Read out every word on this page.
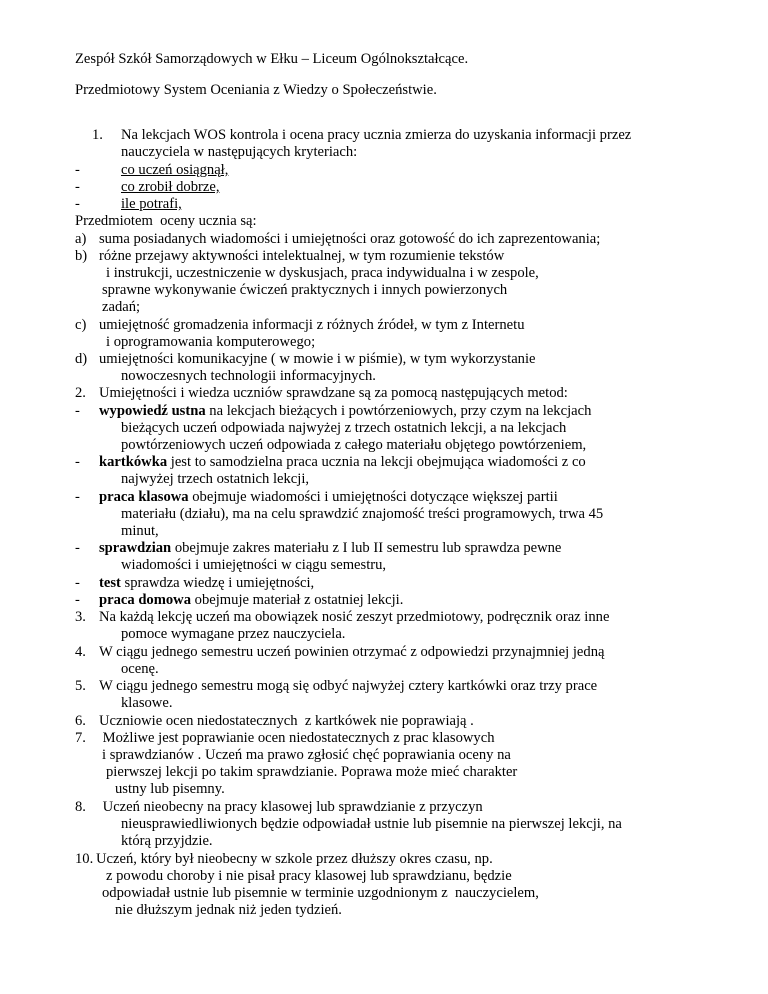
Zespół Szkół Samorządowych w Ełku – Liceum Ogólnokształcące.
Przedmiotowy System Oceniania z Wiedzy o Społeczeństwie.
1. Na lekcjach WOS kontrola i ocena pracy ucznia zmierza do uzyskania informacji przez
nauczyciela w następujących kryteriach:
-	co uczeń osiągnął,
-	co zrobił dobrze,
-	ile potrafi,
Przedmiotem  oceny ucznia są:
a) suma posiadanych wiadomości i umiejętności oraz gotowość do ich zaprezentowania;
b) różne przejawy aktywności intelektualnej, w tym rozumienie tekstów
i instrukcji, uczestniczenie w dyskusjach, praca indywidualna i w zespole,
sprawne wykonywanie ćwiczeń praktycznych i innych powierzonych
zadań;
c) umiejętność gromadzenia informacji z różnych źródeł, w tym z Internetu
i oprogramowania komputerowego;
d) umiejętności komunikacyjne ( w mowie i w piśmie), w tym wykorzystanie
nowoczesnych technologii informacyjnych.
2. Umiejętności i wiedza uczniów sprawdzane są za pomocą następujących metod:
- wypowiedź ustna na lekcjach bieżących i powtórzeniowych, przy czym na lekcjach
bieżących uczeń odpowiada najwyżej z trzech ostatnich lekcji, a na lekcjach
powtórzeniowych uczeń odpowiada z całego materiału objętego powtórzeniem,
- kartkówka jest to samodzielna praca ucznia na lekcji obejmująca wiadomości z co
najwyżej trzech ostatnich lekcji,
- praca klasowa obejmuje wiadomości i umiejętności dotyczące większej partii
materiału (działu), ma na celu sprawdzić znajomość treści programowych, trwa 45
minut,
- sprawdzian obejmuje zakres materiału z I lub II semestru lub sprawdza pewne
wiadomości i umiejętności w ciągu semestru,
- test sprawdza wiedzę i umiejętności,
- praca domowa obejmuje materiał z ostatniej lekcji.
3. Na każdą lekcję uczeń ma obowiązek nosić zeszyt przedmiotowy, podręcznik oraz inne
pomoce wymagane przez nauczyciela.
4. W ciągu jednego semestru uczeń powinien otrzymać z odpowiedzi przynajmniej jedną
ocenę.
5. W ciągu jednego semestru mogą się odbyć najwyżej cztery kartkówki oraz trzy prace
klasowe.
6. Uczniowie ocen niedostatecznych  z kartkówek nie poprawiają .
7. Możliwe jest poprawianie ocen niedostatecznych z prac klasowych
i sprawdzianów . Uczeń ma prawo zgłosić chęć poprawiania oceny na
pierwszej lekcji po takim sprawdzianie. Poprawa może mieć charakter
ustny lub pisemny.
8. Uczeń nieobecny na pracy klasowej lub sprawdzianie z przyczyn
nieusprawiedliwionych będzie odpowiadał ustnie lub pisemnie na pierwszej lekcji, na
którą przyjdzie.
10. Uczeń, który był nieobecny w szkole przez dłuższy okres czasu, np.
z powodu choroby i nie pisał pracy klasowej lub sprawdzianu, będzie
odpowiadał ustnie lub pisemnie w terminie uzgodnionym z  nauczycielem,
nie dłuższym jednak niż jeden tydzień.
